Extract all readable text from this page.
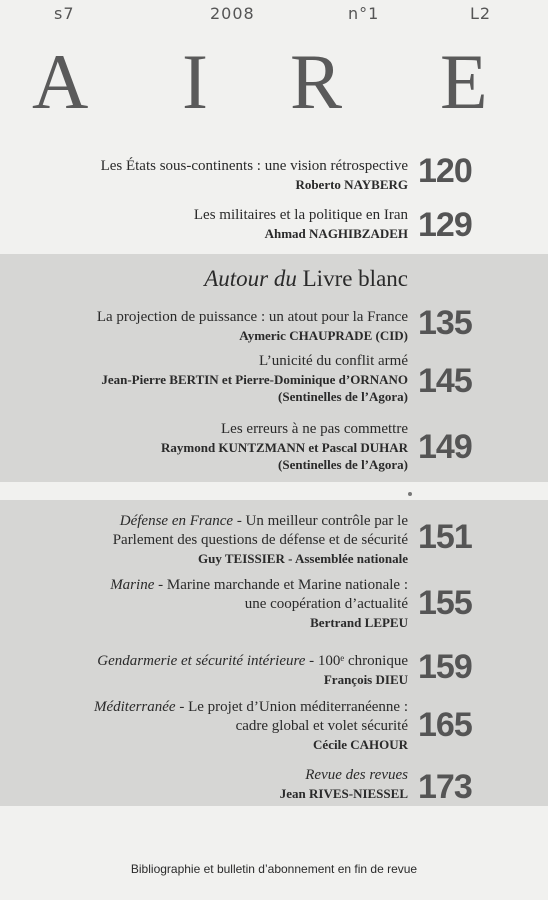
s7	2008	n°1	L2
A I R E
Les États sous-continents : une vision rétrospective
Roberto NAYBERG 120
Les militaires et la politique en Iran
Ahmad NAGHIBZADEH 129
Autour du Livre blanc
La projection de puissance : un atout pour la France
Aymeric CHAUPRADE (CID) 135
L’unicité du conflit armé
Jean-Pierre BERTIN et Pierre-Dominique d’ORNANO
(Sentinelles de l’Agora) 145
Les erreurs à ne pas commettre
Raymond KUNTZMANN et Pascal DUHAR
(Sentinelles de l’Agora) 149
Défense en France - Un meilleur contrôle par le
Parlement des questions de défense et de sécurité
Guy TEISSIER - Assemblée nationale
151
Marine - Marine marchande et Marine nationale :
une coopération d’actualité
Bertrand LEPEU
155
Gendarmerie et sécurité intérieure - 100ᵉ chronique
François DIEU 159
Méditerranée - Le projet d’Union méditerranéenne :
cadre global et volet sécurité
Cécile CAHOUR
165
Revue des revues
Jean RIVES-NIESSEL 173
Bibliographie et bulletin d’abonnement en fin de revue
